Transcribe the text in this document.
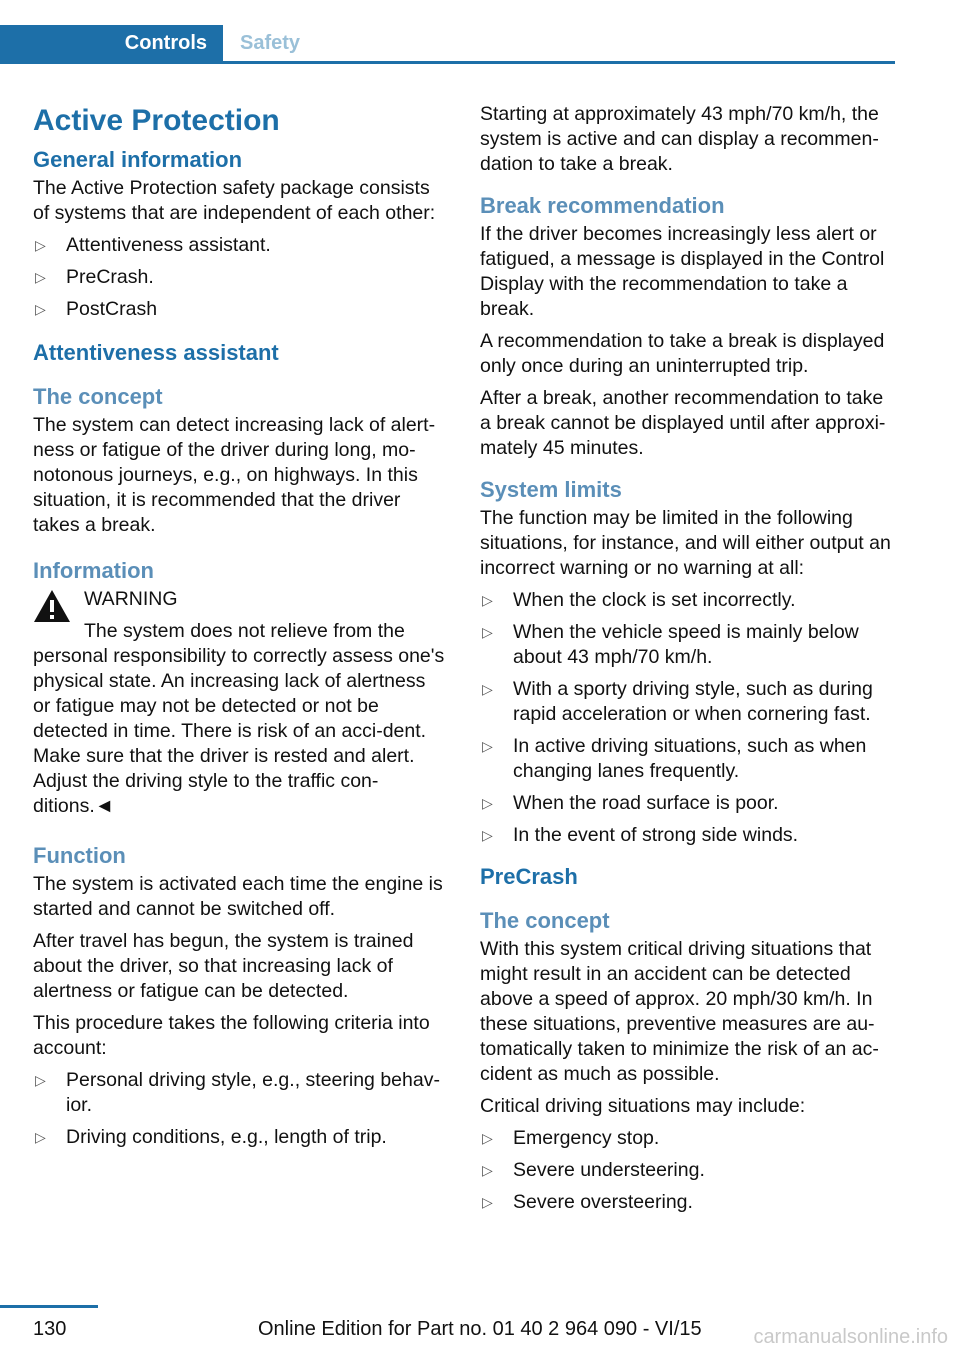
Controls	Safety
Active Protection
General information

The Active Protection safety package consists of systems that are independent of each other:

▷	Attentiveness assistant.
▷	PreCrash.
▷	PostCrash
Attentiveness assistant
The concept

The system can detect increasing lack of alert‐ness or fatigue of the driver during long, mo‐notonous journeys, e.g., on highways. In this situation, it is recommended that the driver takes a break.

Information
WARNING
The system does not relieve from the
personal responsibility to correctly assess one's physical state. An increasing lack of alertness or fatigue may not be detected or not be detected in time. There is risk of an acci‐dent. Make sure that the driver is rested and alert. Adjust the driving style to the traffic con‐ditions.◄
Function

The system is activated each time the engine is started and cannot be switched off.

After travel has begun, the system is trained about the driver, so that increasing lack of alertness or fatigue can be detected.

This procedure takes the following criteria into account:

▷	Personal driving style, e.g., steering behav‐ior.
▷	Driving conditions, e.g., length of trip.

Starting at approximately 43 mph/70 km/h, the system is active and can display a recommen‐dation to take a break.

Break recommendation

If the driver becomes increasingly less alert or fatigued, a message is displayed in the Control Display with the recommendation to take a break.

A recommendation to take a break is displayed only once during an uninterrupted trip.

After a break, another recommendation to take a break cannot be displayed until after approxi‐mately 45 minutes.

System limits

The function may be limited in the following situations, for instance, and will either output an incorrect warning or no warning at all:

▷	When the clock is set incorrectly.
▷	When the vehicle speed is mainly below about 43 mph/70 km/h.
▷	With a sporty driving style, such as during rapid acceleration or when cornering fast.
▷	In active driving situations, such as when changing lanes frequently.
▷	When the road surface is poor.
▷	In the event of strong side winds.
PreCrash
The concept

With this system critical driving situations that might result in an accident can be detected above a speed of approx. 20 mph/30 km/h. In these situations, preventive measures are au‐tomatically taken to minimize the risk of an ac‐cident as much as possible.

Critical driving situations may include:

▷	Emergency stop.
▷	Severe understeering.
▷	Severe oversteering.
130	Online Edition for Part no. 01 40 2 964 090 - VI/15	carmanualsonline.info
